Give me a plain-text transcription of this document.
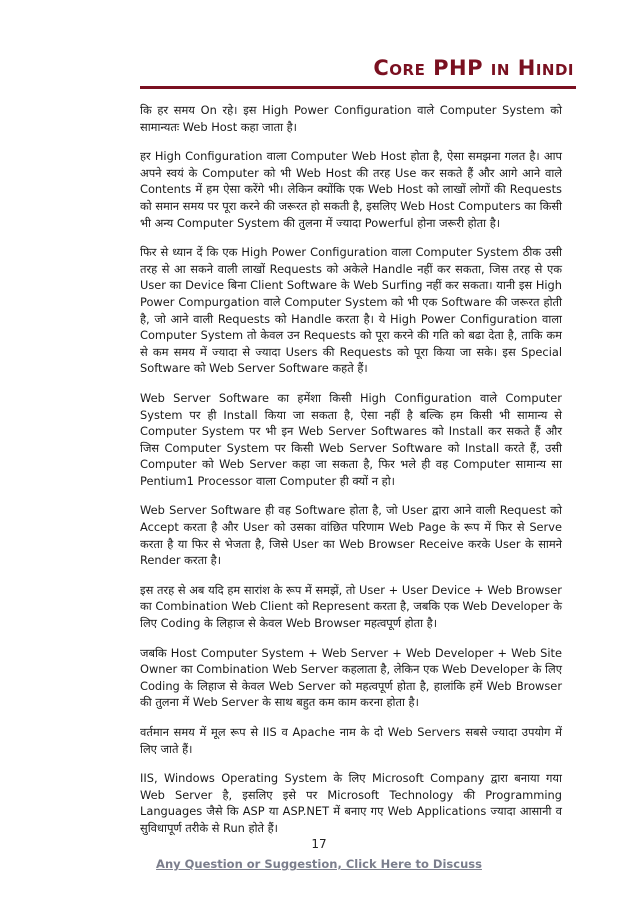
Core PHP in Hindi

कि हर समय On रहे। इस High Power Configuration वाले Computer System को सामान्यतः Web Host कहा जाता है।

हर High Configuration वाला Computer Web Host होता है, ऐसा समझना गलत है। आप अपने स्वयं के Computer को भी Web Host की तरह Use कर सकते हैं और आगे आने वाले Contents में हम ऐसा करेंगे भी। लेकिन क्योंकि एक Web Host को लाखों लोगों की Requests को समान समय पर पूरा करने की जरूरत हो सकती है, इसलिए Web Host Computers का किसी भी अन्य Computer System की तुलना में ज्यादा Powerful होना जरूरी होता है।

फिर से ध्यान दें कि एक High Power Configuration वाला Computer System ठीक उसी तरह से आ सकने वाली लाखों Requests को अकेले Handle नहीं कर सकता, जिस तरह से एक User का Device बिना Client Software के Web Surfing नहीं कर सकता। यानी इस High Power Compurgation वाले Computer System को भी एक Software की जरूरत होती है, जो आने वाली Requests को Handle करता है। ये High Power Configuration वाला Computer System तो केवल उन Requests को पूरा करने की गति को बढा देता है, ताकि कम से कम समय में ज्यादा से ज्यादा Users की Requests को पूरा किया जा सके। इस Special Software को Web Server Software कहते हैं।

Web Server Software का हमेंशा किसी High Configuration वाले Computer System पर ही Install किया जा सकता है, ऐसा नहीं है बल्कि हम किसी भी सामान्य से Computer System पर भी इन Web Server Softwares को Install कर सकते हैं और जिस Computer System पर किसी Web Server Software को Install करते हैं, उसी Computer को Web Server कहा जा सकता है, फिर भले ही वह Computer सामान्य सा Pentium1 Processor वाला Computer ही क्यों न हो।

Web Server Software ही वह Software होता है, जो User द्वारा आने वाली Request को Accept करता है और User को उसका वांछित परिणाम Web Page के रूप में फिर से Serve करता है या फिर से भेजता है, जिसे User का Web Browser Receive करके User के सामने Render करता है।

इस तरह से अब यदि हम सारांश के रूप में समझें, तो User + User Device + Web Browser का Combination Web Client को Represent करता है, जबकि एक Web Developer के लिए Coding के लिहाज से केवल Web Browser महत्वपूर्ण होता है।

जबकि Host Computer System + Web Server + Web Developer + Web Site Owner का Combination Web Server कहलाता है, लेकिन एक Web Developer के लिए Coding के लिहाज से केवल Web Server को महत्वपूर्ण होता है, हालांकि हमें Web Browser की तुलना में Web Server के साथ बहुत कम काम करना होता है।

वर्तमान समय में मूल रूप से IIS व Apache नाम के दो Web Servers सबसे ज्यादा उपयोग में लिए जाते हैं।

IIS, Windows Operating System के लिए Microsoft Company द्वारा बनाया गया Web Server है, इसलिए इसे पर Microsoft Technology की Programming Languages जैसे कि ASP या ASP.NET में बनाए गए Web Applications ज्यादा आसानी व सुविधापूर्ण तरीके से Run होते हैं।

17
Any Question or Suggestion, Click Here to Discuss
